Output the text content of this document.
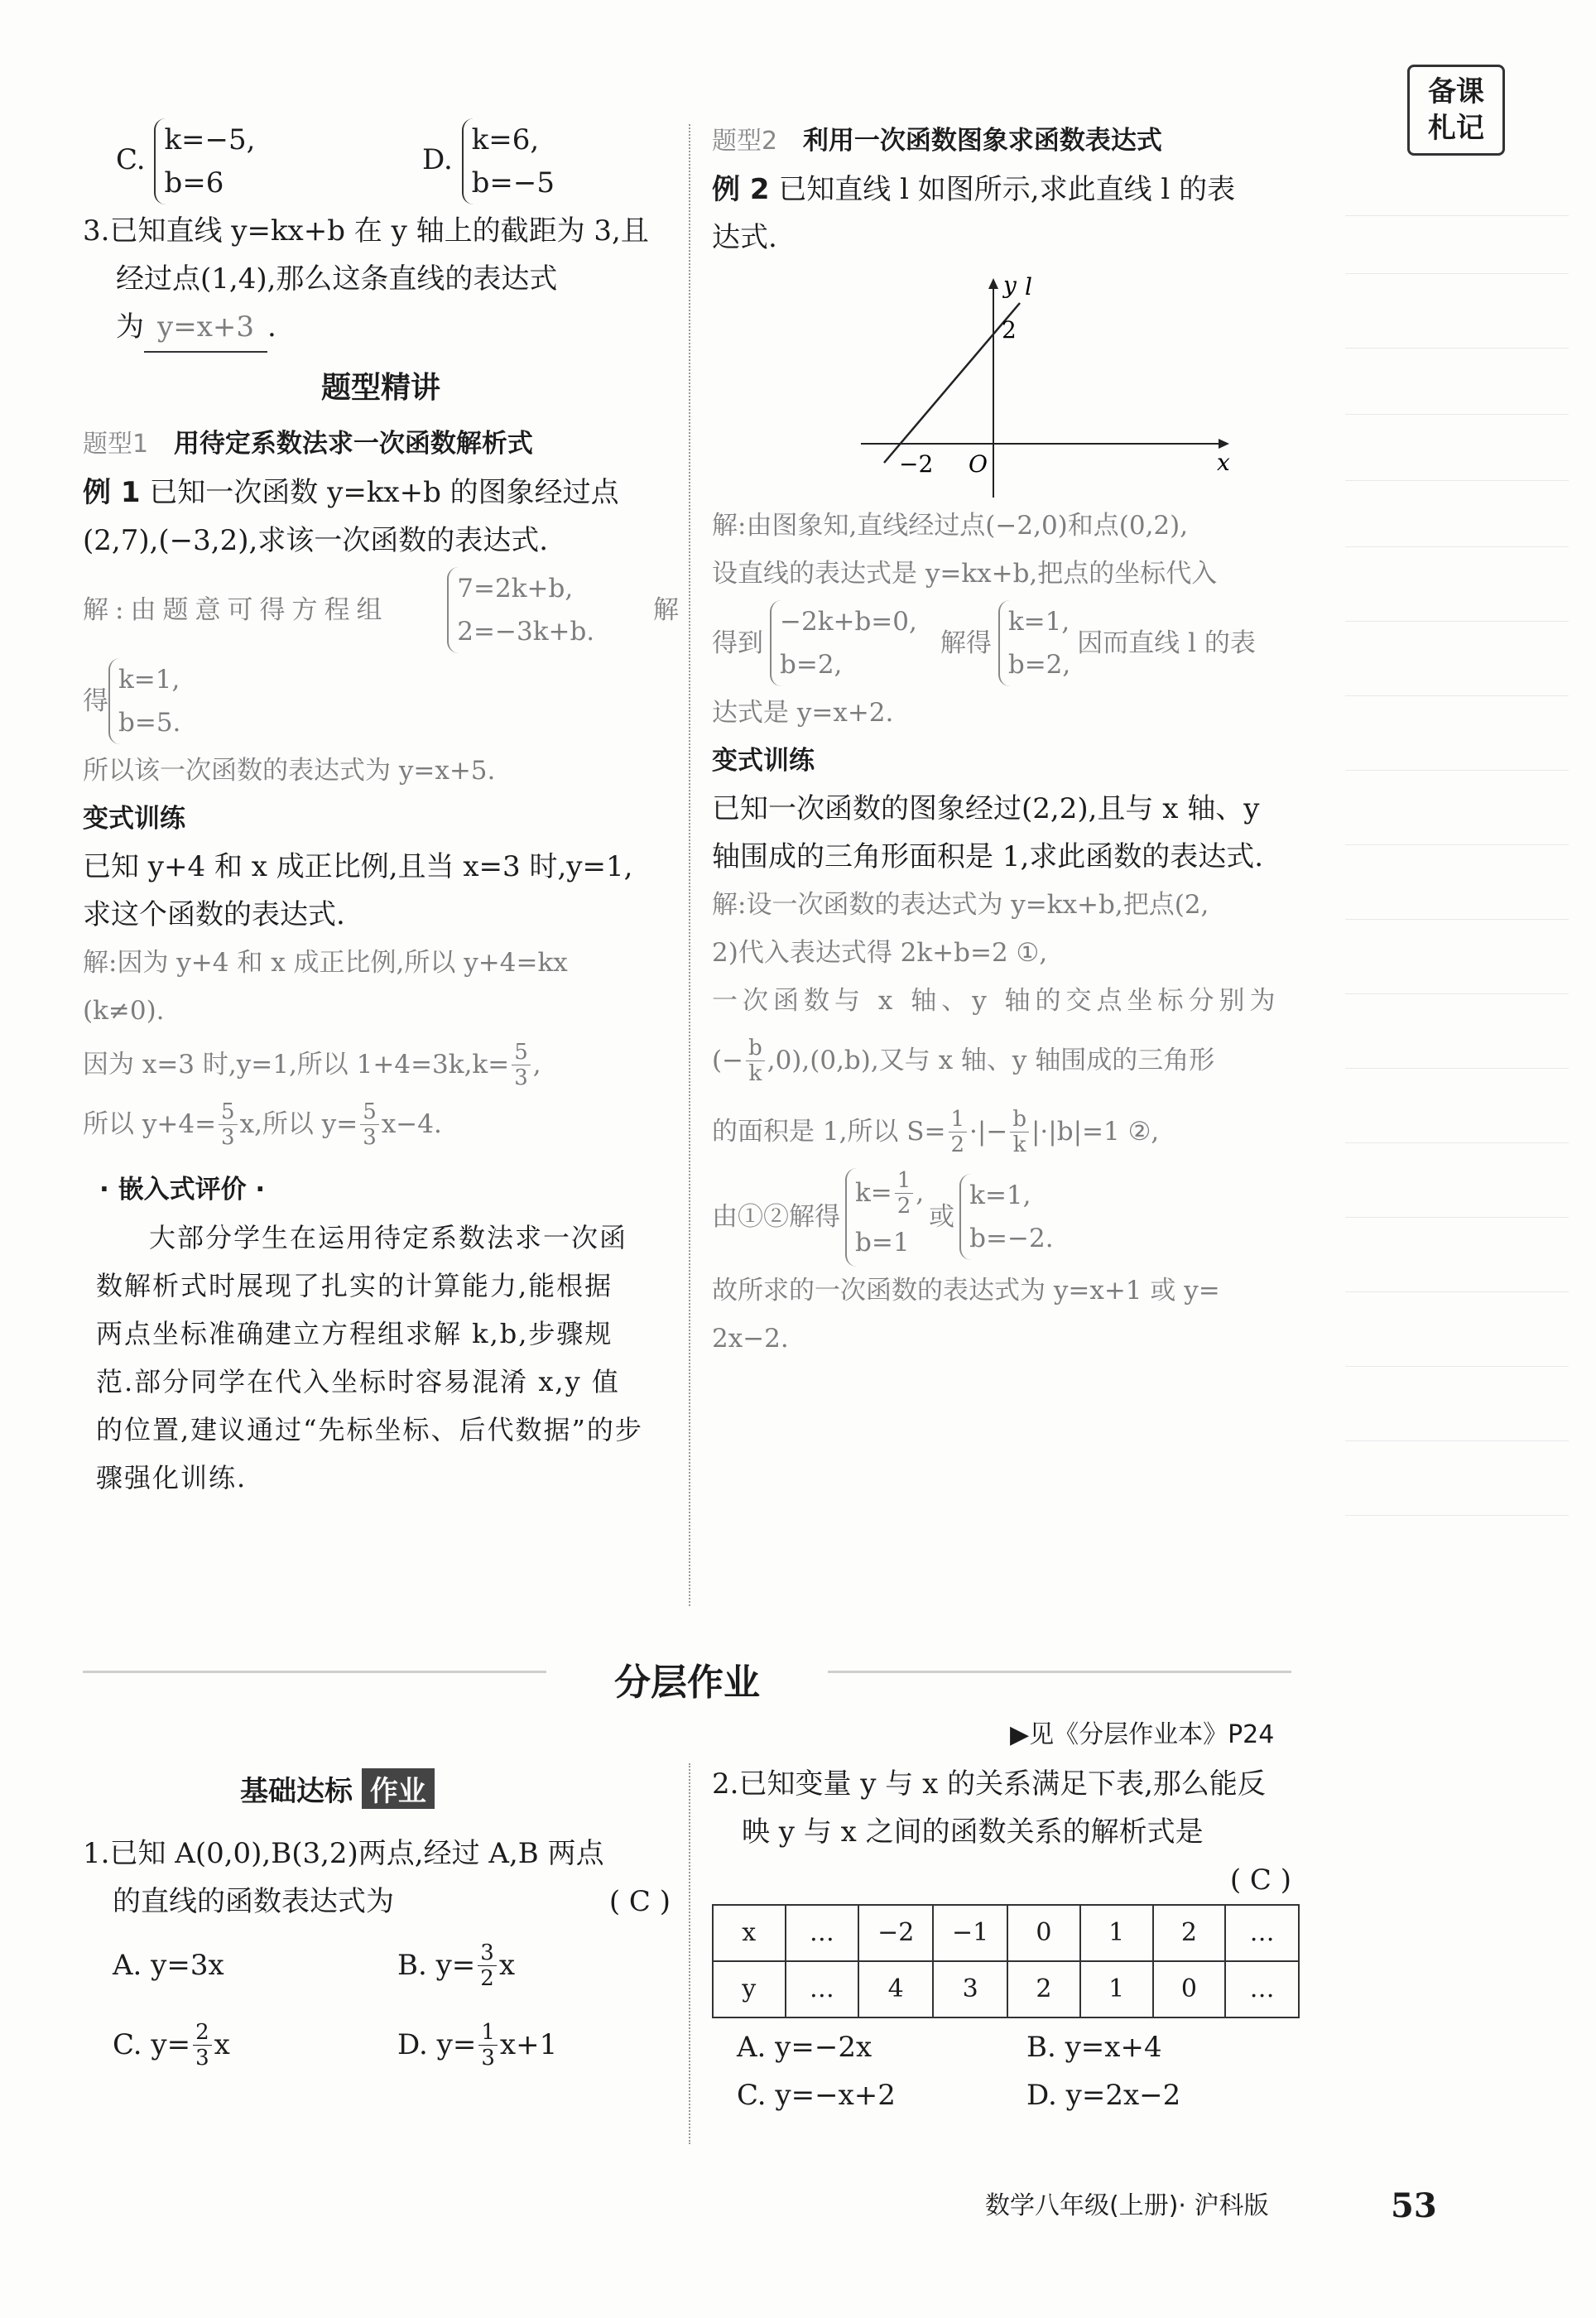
备课
札记
C. k=−5,
b=6
D. k=6,
b=−5
3.已知直线 y=kx+b 在 y 轴上的截距为 3,且
经过点(1,4),那么这条直线的表达式
为 y=x+3 .
题型精讲
题型1 用待定系数法求一次函数解析式
例 1 已知一次函数 y=kx+b 的图象经过点
(2,7),(−3,2),求该一次函数的表达式.
解:由题意可得方程组
7=2k+b,
2=−3k+b.
解
得
k=1,
b=5.
所以该一次函数的表达式为 y=x+5.
变式训练
已知 y+4 和 x 成正比例,且当 x=3 时,y=1,
求这个函数的表达式.
解:因为 y+4 和 x 成正比例,所以 y+4=kx
(k≠0).
因为 x=3 时,y=1,所以 $1+4=3k,k= \frac{5}{3}$ ,
所以 $y+4= \frac{5}{3} x$,所以 $y= \frac{5}{3} x-4$.
· 嵌入式评价 ·
大部分学生在运用待定系数法求一次函
数解析式时展现了扎实的计算能力,能根据
两点坐标准确建立方程组求解 k,b,步骤规
范.部分同学在代入坐标时容易混淆 x,y 值
的位置,建议通过“先标坐标、后代数据”的步
骤强化训练.
题型2 利用一次函数图象求函数表达式
例 2 已知直线 l 如图所示,求此直线 l 的表
达式.
y l
2
−2 O	x
解:由图象知,直线经过点(−2,0)和点(0,2),
设直线的表达式是 y=kx+b,把点的坐标代入
得到
−2k+b=0,
b=2,
解得
k=1,
b=2,
因而直线 l 的表
达式是 y=x+2.
变式训练
已知一次函数的图象经过(2,2),且与 x 轴、y
轴围成的三角形面积是 1,求此函数的表达式.
解:设一次函数的表达式为 y=kx+b,把点(2,
2)代入表达式得 2k+b=2 ①,
一次函数与 x 轴、y 轴的交点坐标分别为
(− $\frac{b}{k} ,0),(0,b)$,又与 x 轴、y 轴围成的三角形
的面积是 1,所以 $S= \frac{1}{2}$ ·|− $\frac{b}{k} |\cdot|b|=1$ ②,
由①②解得
$k= \frac{1}{2}$ ,
b=1
或
k=1,
b=−2.
故所求的一次函数的表达式为 y=x+1 或 y=
2x−2.
分层作业
▶见《分层作业本》P24
基础达标 作业
1.已知 A(0,0),B(3,2)两点,经过 A,B 两点
的直线的函数表达式为	( C )
A. y=3x	B. $y= \frac{3}{2}$ x
C. $y= \frac{2}{3}$ x	D. $y= \frac{1}{3} x+1$
2.已知变量 y 与 x 的关系满足下表,那么能反
映 y 与 x 之间的函数关系的解析式是
( C )
x	…	−2	−1	0	1	2	…
y	…	4	3	2	1	0	…
A. y=−2x	B. y=x+4
C. y=−x+2	D. y=2x−2
数学八年级(上册)· 沪科版	53
